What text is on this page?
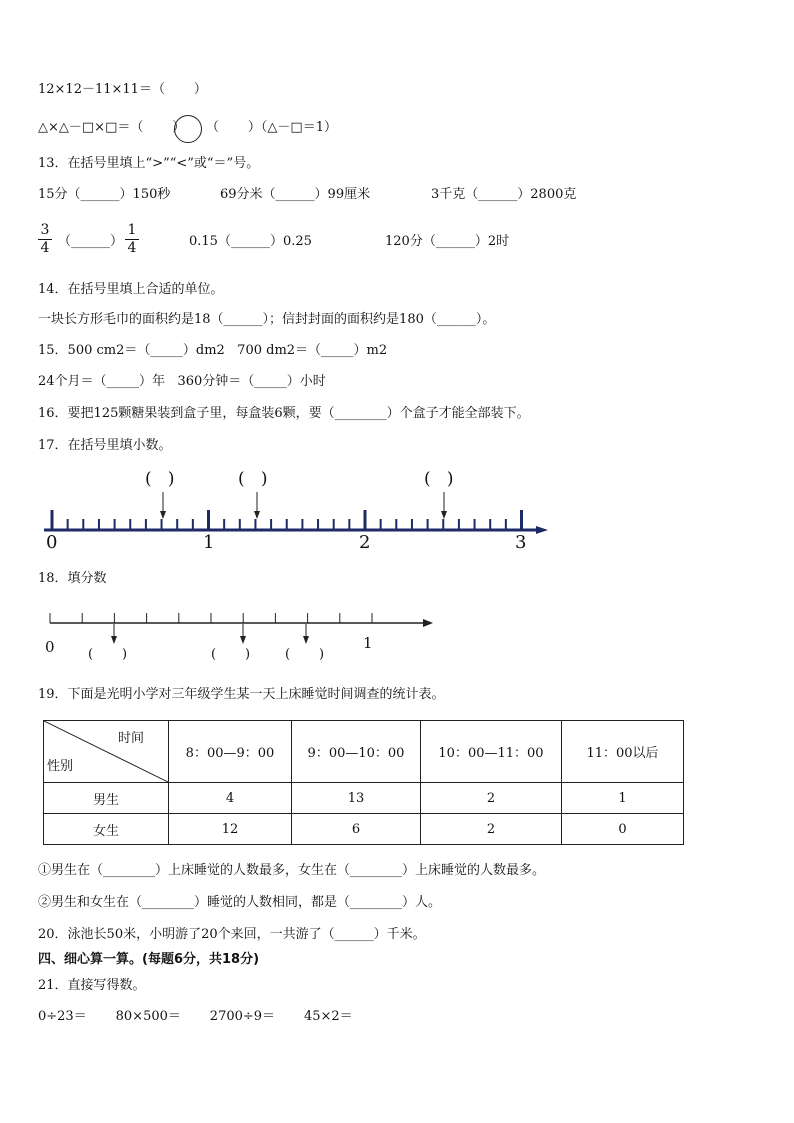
12×12－11×11＝（       ）
△×△－□×□＝（       ） （       ）（△－□＝1）
13．在括号里填上“>”“<”或“＝”号。
15分（______）150秒	69分米（______）99厘米	3千克（______）2800克
3
4 （______）
1
4	0.15（______）0.25	120分（______）2时
14．在括号里填上合适的单位。
一块长方形毛巾的面积约是18（______）；信封封面的面积约是180（______）。
15．500 cm2＝（_____）dm2   700 dm2＝（_____）m2
24个月＝（_____）年   360分钟＝（_____）小时
16．要把125颗糖果装到盒子里，每盒装6颗，要（________）个盒子才能全部装下。
17．在括号里填小数。
(   )	(   )	(   )
0	1	2	3
18．填分数
0	1
(       )	(       )	(       )
19．下面是光明小学对三年级学生某一天上床睡觉时间调查的统计表。
时间
性别	8：00—9：00	9：00—10：00	10：00—11：00	11：00以后
男生	4	13	2	1
女生	12	6	2	0
①男生在（________）上床睡觉的人数最多，女生在（________）上床睡觉的人数最多。
②男生和女生在（________）睡觉的人数相同，都是（________）人。
20．泳池长50米，小明游了20个来回，一共游了（______）千米。
四、细心算一算。(每题6分，共18分)
21．直接写得数。
0÷23＝       80×500＝       2700÷9＝       45×2＝
